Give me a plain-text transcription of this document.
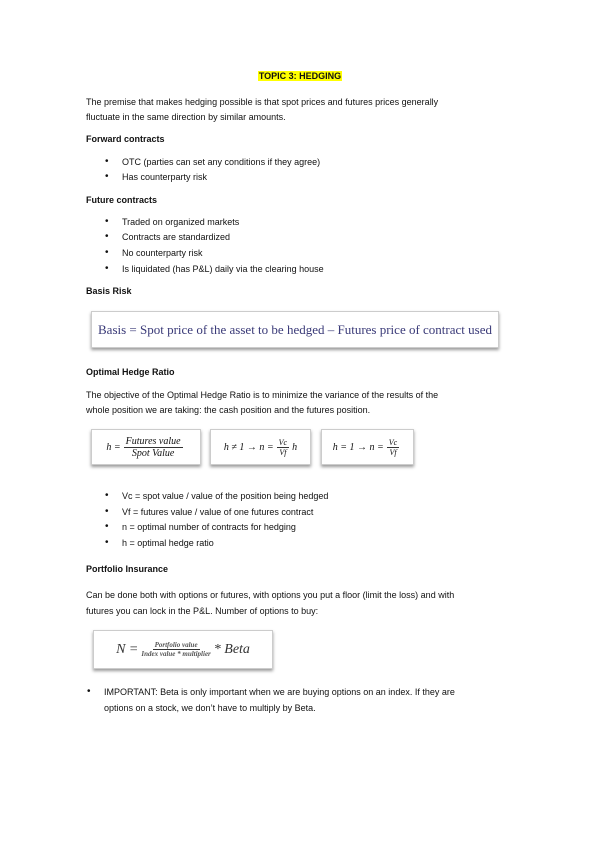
TOPIC 3: HEDGING
The premise that makes hedging possible is that spot prices and futures prices generally
fluctuate in the same direction by similar amounts.
Forward contracts
• OTC (parties can set any conditions if they agree)
• Has counterparty risk
Future contracts
• Traded on organized markets
• Contracts are standardized
• No counterparty risk
• Is liquidated (has P&L) daily via the clearing house
Basis Risk
Basis = Spot price of the asset to be hedged – Futures price of contract used
Optimal Hedge Ratio
The objective of the Optimal Hedge Ratio is to minimize the variance of the results of the
whole position we are taking: the cash position and the futures position.
$h = \frac{\text{Futures value}}{\text{Spot Value}}$	$h \ne 1 \to n = \frac{Vc}{Vf}$ h	$h = 1 \to n = \frac{Vc}{Vf}$
• Vc = spot value / value of the position being hedged
• Vf = futures value / value of one futures contract
• n = optimal number of contracts for hedging
• h = optimal hedge ratio
Portfolio Insurance
Can be done both with options or futures, with options you put a floor (limit the loss) and with
futures you can lock in the P&L. Number of options to buy:
$N = \frac{\text{Portfolio value}}{\text{Index value * multiplier}}$ * Beta
• IMPORTANT: Beta is only important when we are buying options on an index. If they are
options on a stock, we don’t have to multiply by Beta.
